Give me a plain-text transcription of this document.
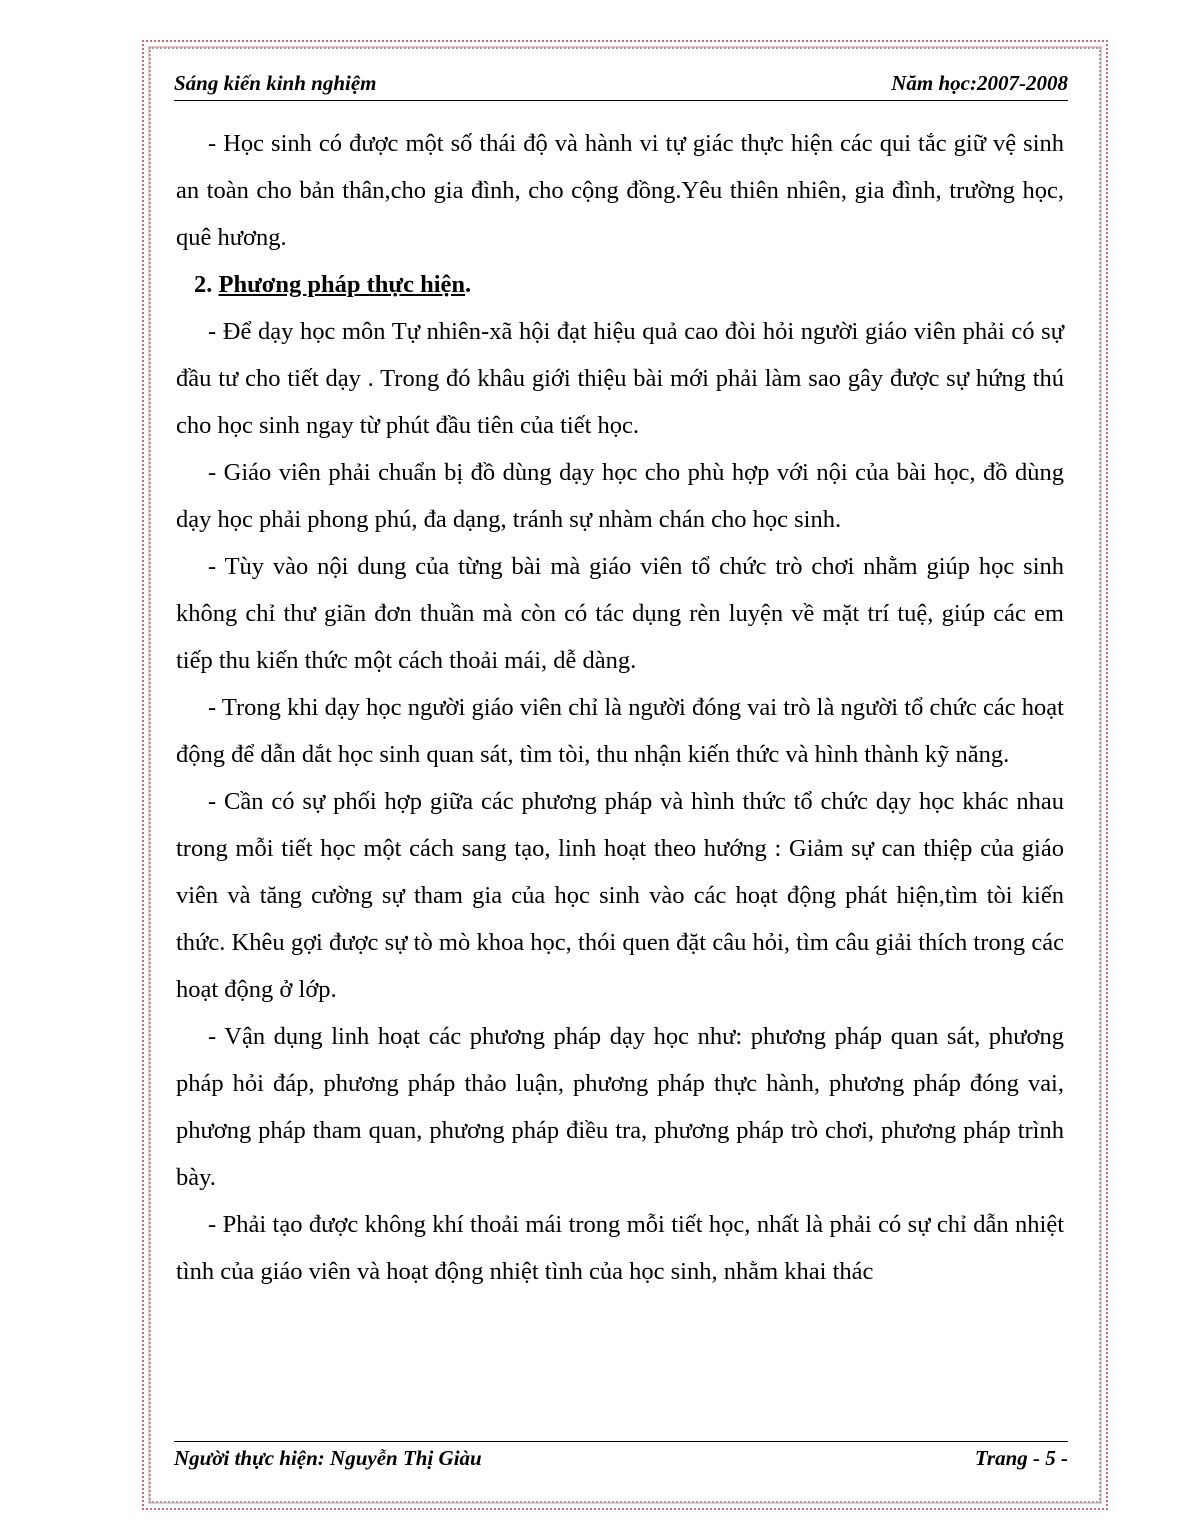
Sáng kiến kinh nghiệm	Năm học:2007-2008

- Học sinh có được một số thái độ và hành vi tự giác thực hiện các qui tắc giữ vệ sinh an toàn cho bản thân,cho gia đình, cho cộng đồng.Yêu thiên nhiên, gia đình, trường học, quê hương.

2. Phương pháp thực hiện.

- Để dạy học môn Tự nhiên-xã hội đạt hiệu quả cao đòi hỏi người giáo viên phải có sự đầu tư cho tiết dạy . Trong đó khâu giới thiệu bài mới phải làm sao gây được sự hứng thú cho học sinh ngay từ phút đầu tiên của tiết học.

- Giáo viên phải chuẩn bị đồ dùng dạy học cho phù hợp với nội của bài học, đồ dùng dạy học phải phong phú, đa dạng, tránh sự nhàm chán cho học sinh.

- Tùy vào nội dung của từng bài mà giáo viên tổ chức trò chơi nhằm giúp học sinh không chỉ thư giãn đơn thuần mà còn có tác dụng rèn luyện về mặt trí tuệ, giúp các em tiếp thu kiến thức một cách thoải mái, dễ dàng.

- Trong khi dạy học người giáo viên chỉ là người đóng vai trò là người tổ chức các hoạt động để dẫn dắt học sinh quan sát, tìm tòi, thu nhận kiến thức và hình thành kỹ năng.

- Cần có sự phối hợp giữa các phương pháp và hình thức tổ chức dạy học khác nhau trong mỗi tiết học một cách sang tạo, linh hoạt theo hướng : Giảm sự can thiệp của giáo viên và tăng cường sự tham gia của học sinh vào các hoạt động phát hiện,tìm tòi kiến thức. Khêu gợi được sự tò mò khoa học, thói quen đặt câu hỏi, tìm câu giải thích trong các hoạt động ở lớp.

- Vận dụng linh hoạt các phương pháp dạy học như: phương pháp quan sát, phương pháp hỏi đáp, phương pháp thảo luận, phương pháp thực hành, phương pháp đóng vai, phương pháp tham quan, phương pháp điều tra, phương pháp trò chơi, phương pháp trình bày.

- Phải tạo được không khí thoải mái trong mỗi tiết học, nhất là phải có sự chỉ dẫn nhiệt tình của giáo viên và hoạt động nhiệt tình của học sinh, nhằm khai thác

Người thực hiện: Nguyễn Thị Giàu	Trang - 5 -
